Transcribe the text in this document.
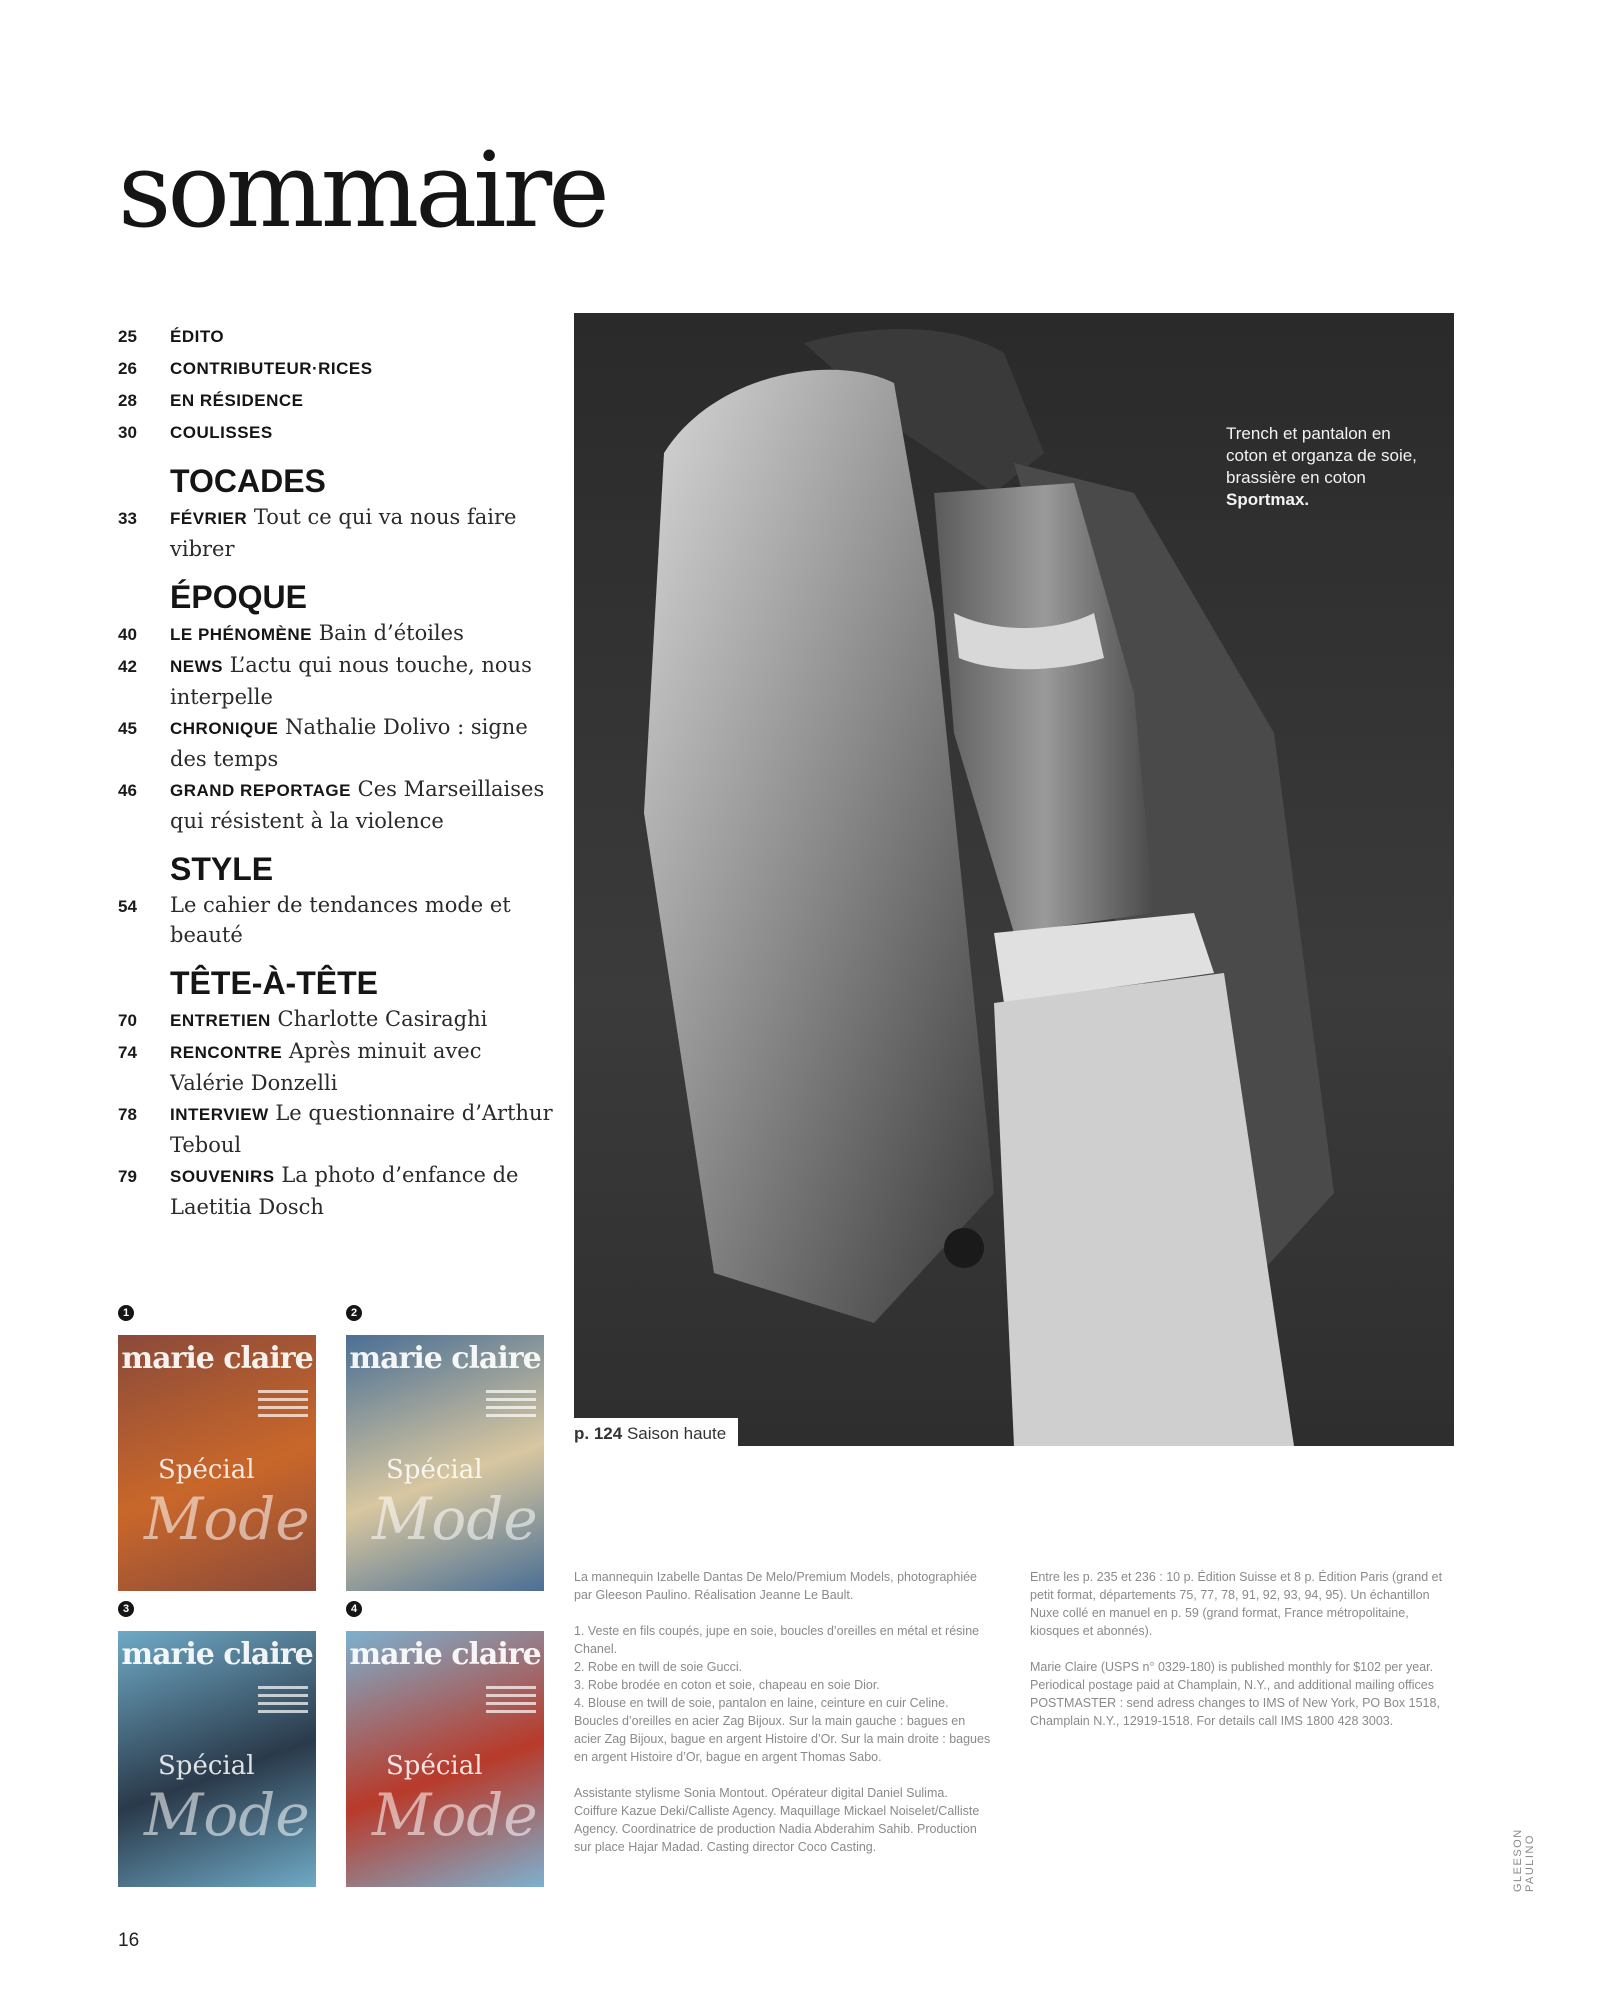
sommaire
25	ÉDITO
26	CONTRIBUTEUR·RICES
28	EN RÉSIDENCE
30	COULISSES
TOCADES
33	FÉVRIER Tout ce qui va nous faire vibrer
ÉPOQUE
40	LE PHÉNOMÈNE Bain d’étoiles
42	NEWS L’actu qui nous touche, nous interpelle
45	CHRONIQUE Nathalie Dolivo : signe des temps
46	GRAND REPORTAGE Ces Marseillaises qui résistent à la violence
STYLE
54	Le cahier de tendances mode et beauté
TÊTE-À-TÊTE
70	ENTRETIEN Charlotte Casiraghi
74	RENCONTRE Après minuit avec Valérie Donzelli
78	INTERVIEW Le questionnaire d’Arthur Teboul
79	SOUVENIRS La photo d’enfance de Laetitia Dosch
1
marie claire
Spécial
Mode
2
marie claire
Spécial
Mode
3
marie claire
Spécial
Mode
4
marie claire
Spécial
Mode
Trench et pantalon en coton et organza de soie, brassière en coton Sportmax.
p. 124 Saison haute

La mannequin Izabelle Dantas De Melo/Premium Models, photographiée par Gleeson Paulino. Réalisation Jeanne Le Bault.

1. Veste en fils coupés, jupe en soie, boucles d’oreilles en métal et résine Chanel.
2. Robe en twill de soie Gucci.
3. Robe brodée en coton et soie, chapeau en soie Dior.
4. Blouse en twill de soie, pantalon en laine, ceinture en cuir Celine. Boucles d’oreilles en acier Zag Bijoux. Sur la main gauche : bagues en acier Zag Bijoux, bague en argent Histoire d’Or. Sur la main droite : bagues en argent Histoire d’Or, bague en argent Thomas Sabo.

Assistante stylisme Sonia Montout. Opérateur digital Daniel Sulima. Coiffure Kazue Deki/Calliste Agency. Maquillage Mickael Noiselet/Calliste Agency. Coordinatrice de production Nadia Abderahim Sahib. Production sur place Hajar Madad. Casting director Coco Casting.

Entre les p. 235 et 236 : 10 p. Édition Suisse et 8 p. Édition Paris (grand et petit format, départements 75, 77, 78, 91, 92, 93, 94, 95). Un échantillon Nuxe collé en manuel en p. 59 (grand format, France métropolitaine, kiosques et abonnés).

Marie Claire (USPS n° 0329-180) is published monthly for $102 per year. Periodical postage paid at Champlain, N.Y., and additional mailing offices POSTMASTER : send adress changes to IMS of New York, PO Box 1518, Champlain N.Y., 12919-1518. For details call IMS 1800 428 3003.

GLEESON PAULINO
16
